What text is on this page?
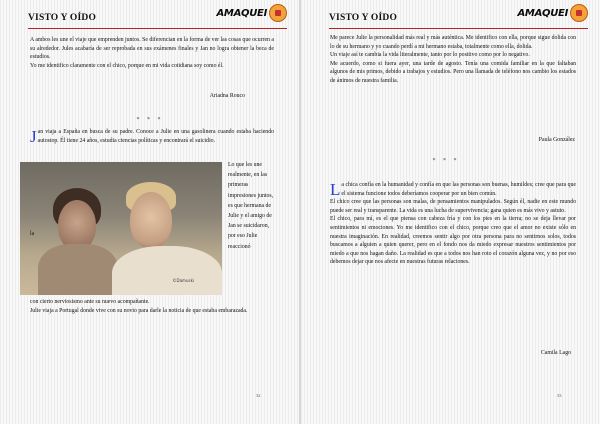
VISTO Y OÍDO	AMAQUEI

A ambos les une el viaje que emprenden juntos. Se diferencian en la forma de ver las cosas que ocurren a su alrededor. Jules acabaría de ser reprobada en sus exámenes finales y Jan no logra obtener la beca de estudios.

Yo me identifico claramente con el chico, porque en mi vida cotidiana soy como él.

Ariadna Rouco
* * *
J an viaja a España en busca de su padre. Conoce a Julie en una gasolinera cuando estaba haciendo autostop. Él tiene 24 años, estudia ciencias políticas y encontrará el suicidio.
©Damuski
la
Lo que les une realmente, en las primeras impresiones juntos, es que hermana de Julie y el amigo de Jan se suicidaron, por eso Julie reaccionó

con cierto nerviosismo ante su nuevo acompañante.

Julie viaja a Portugal donde vive con su novio para darle la noticia de que estaba embarazada.

32
VISTO Y OÍDO	AMAQUEI

Me parece Julie la personalidad más real y más auténtica. Me identifico con ella, porque sigue dolida con lo de su hermano y yo cuando perdí a mi hermano estaba, totalmente como ella, dolida.

Un viaje así te cambia la vida literalmente, tanto por lo positivo como por lo negativo.

Me acuerdo, como si fuera ayer, una tarde de agosto. Tenía una comida familiar en la que faltaban algunos de mis primos, debido a trabajos y estudios. Pero una llamada de teléfono nos cambio los estados de ánimos de nuestra familia.

Paula González
* * *
L a chica confía en la humanidad y confía en que las personas son buenas, humildes; cree que para que el sistema funcione todos deberíamos cooperar por un bien común.

El chico cree que las personas son malas, de pensamientos manipulados. Según él, nadie en este mundo puede ser real y transparente. La vida es una lucha de supervivencia; gana quien es más vivo y astuto.

El chico, para mí, es el que piensa con cabeza fría y con los pies en la tierra; no se deja llevar por sentimientos ni emociones. Yo me identifico con el chico, porque creo que el amor no existe sólo en nuestra imaginación. En realidad, creemos sentir algo por otra persona para no sentirnos solos, todos buscamos a alguien a quien querer, pero en el fondo nos da miedo expresar nuestros sentimientos por miedo a que nos hagan daño. La realidad es que a todos nos han roto el corazón alguna vez, y no por eso debemos dejar que nos afecte en nuestras futuras relaciones.

Camila Lago
33
